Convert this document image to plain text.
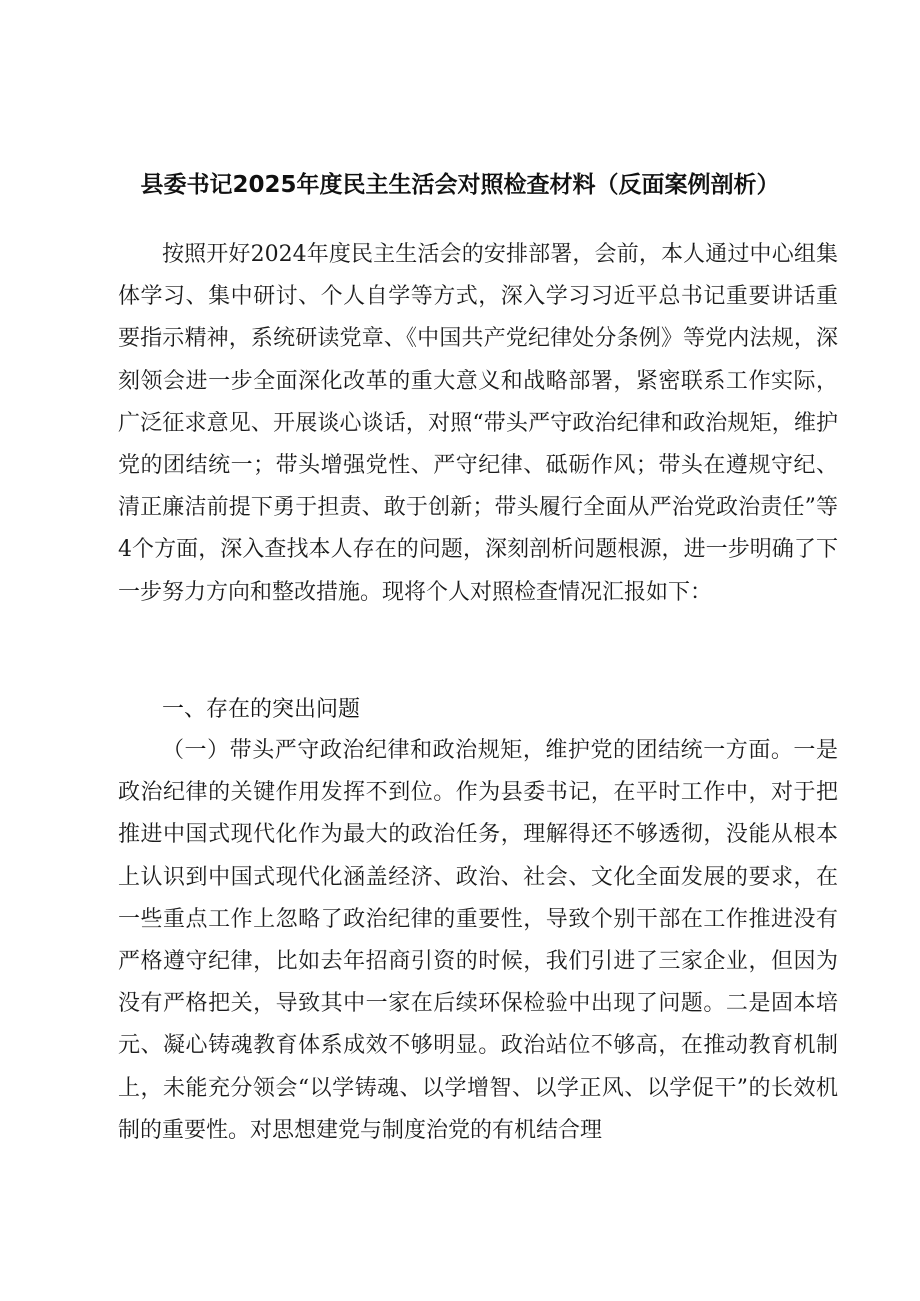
县委书记2025年度民主生活会对照检查材料（反面案例剖析）

按照开好2024年度民主生活会的安排部署，会前，本人通过中心组集体学习、集中研讨、个人自学等方式，深入学习习近平总书记重要讲话重要指示精神，系统研读党章、《中国共产党纪律处分条例》等党内法规，深刻领会进一步全面深化改革的重大意义和战略部署，紧密联系工作实际，广泛征求意见、开展谈心谈话，对照“带头严守政治纪律和政治规矩，维护党的团结统一；带头增强党性、严守纪律、砥砺作风；带头在遵规守纪、清正廉洁前提下勇于担责、敢于创新；带头履行全面从严治党政治责任”等4个方面，深入查找本人存在的问题，深刻剖析问题根源，进一步明确了下一步努力方向和整改措施。现将个人对照检查情况汇报如下：

一、存在的突出问题

（一）带头严守政治纪律和政治规矩，维护党的团结统一方面。一是政治纪律的关键作用发挥不到位。作为县委书记，在平时工作中，对于把推进中国式现代化作为最大的政治任务，理解得还不够透彻，没能从根本上认识到中国式现代化涵盖经济、政治、社会、文化全面发展的要求，在一些重点工作上忽略了政治纪律的重要性，导致个别干部在工作推进没有严格遵守纪律，比如去年招商引资的时候，我们引进了三家企业，但因为没有严格把关，导致其中一家在后续环保检验中出现了问题。二是固本培元、凝心铸魂教育体系成效不够明显。政治站位不够高，在推动教育机制上，未能充分领会“以学铸魂、以学增智、以学正风、以学促干”的长效机制的重要性。对思想建党与制度治党的有机结合理
